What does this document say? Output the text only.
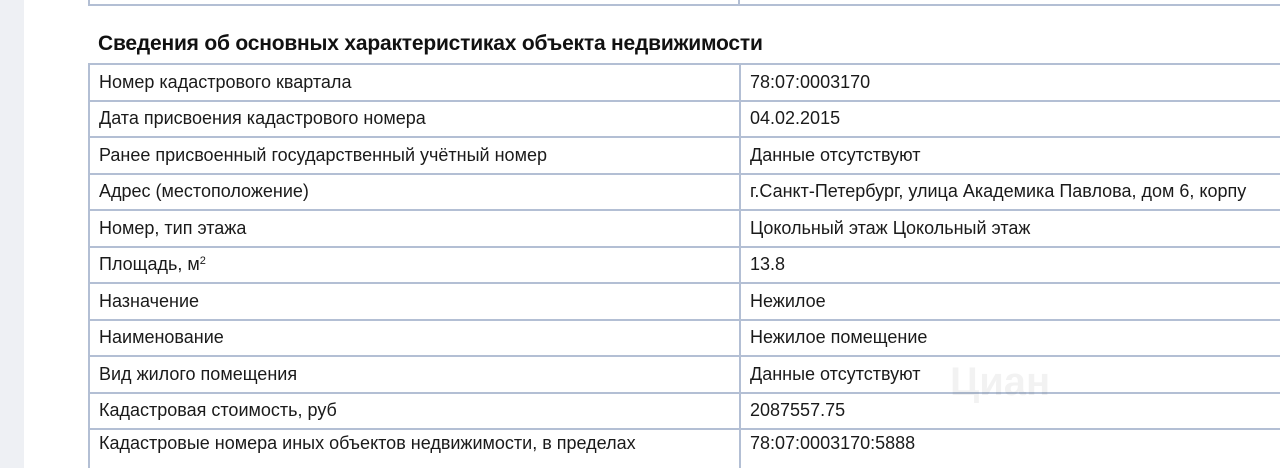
Сведения об основных характеристиках объекта недвижимости
Номер кадастрового квартала	78:07:0003170
Дата присвоения кадастрового номера	04.02.2015
Ранее присвоенный государственный учётный номер	Данные отсутствуют
Адрес (местоположение)	г.Санкт-Петербург, улица Академика Павлова, дом 6, корпу
Номер, тип этажа	Цокольный этаж Цокольный этаж
Площадь, $м^2$	13.8
Назначение	Нежилое
Наименование	Нежилое помещение
Вид жилого помещения	Данные отсутствуют
Кадастровая стоимость, руб	2087557.75
Кадастровые номера иных объектов недвижимости, в пределах	78:07:0003170:5888
Циан
